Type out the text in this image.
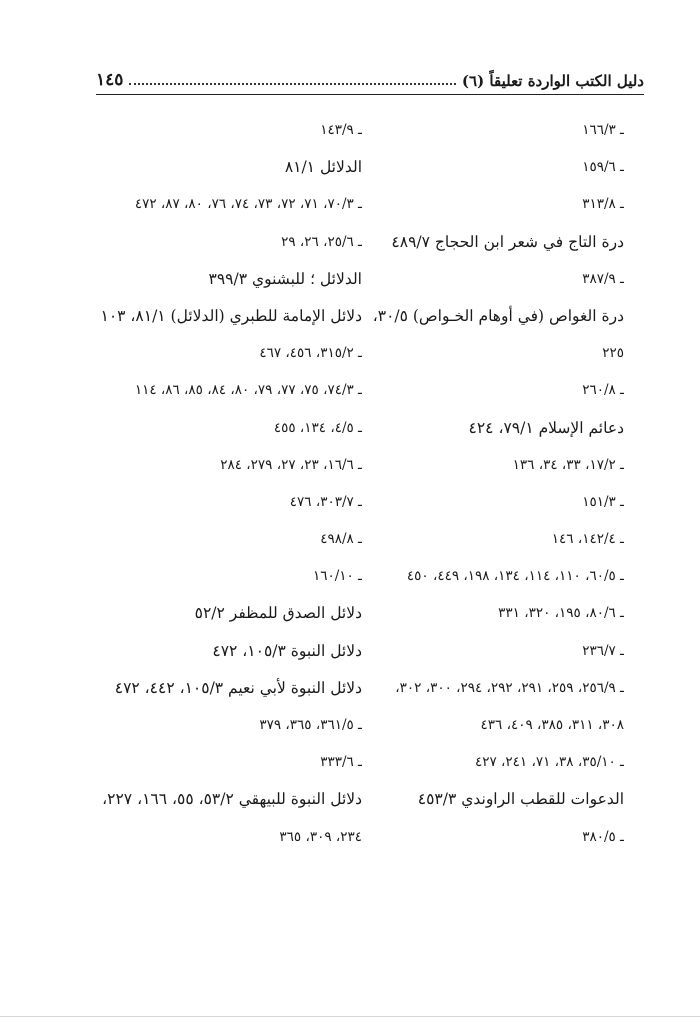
دليل الكتب الواردة تعليقاً (٦)
١٤٥
ـ ١٦٦/٣
ـ ١٥٩/٦
ـ ٣١٣/٨
درة التاج في شعر ابن الحجاج ٤٨٩/٧
ـ ٣٨٧/٩
درة الغواص (في أوهام الخـواص) ٣٠/٥،
٢٢٥
ـ ٢٦٠/٨
دعائم الإسلام ٧٩/١، ٤٢٤
ـ ١٧/٢، ٣٣، ٣٤، ١٣٦
ـ ١٥١/٣
ـ ١٤٢/٤، ١٤٦
ـ ٦٠/٥، ١١٠، ١١٤، ١٣٤، ١٩٨، ٤٤٩، ٤٥٠
ـ ٨٠/٦، ١٩٥، ٣٢٠، ٣٣١
ـ ٢٣٦/٧
ـ ٢٥٦/٩، ٢٥٩، ٢٩١، ٢٩٢، ٢٩٤، ٣٠٠، ٣٠٢،
٣٠٨، ٣١١، ٣٨٥، ٤٠٩، ٤٣٦
ـ ٣٥/١٠، ٣٨، ٧١، ٢٤١، ٤٢٧
الدعوات للقطب الراوندي ٤٥٣/٣
ـ ٣٨٠/٥
ـ ١٤٣/٩
الدلائل ٨١/١
ـ ٧٠/٣، ٧١، ٧٢، ٧٣، ٧٤، ٧٦، ٨٠، ٨٧، ٤٧٢
ـ ٢٥/٦، ٢٦، ٢٩
الدلائل ؛ للبشنوي ٣٩٩/٣
دلائل الإمامة للطبري (الدلائل) ٨١/١، ١٠٣
ـ ٣١٥/٢، ٤٥٦، ٤٦٧
ـ ٧٤/٣، ٧٥، ٧٧، ٧٩، ٨٠، ٨٤، ٨٥، ٨٦، ١١٤
ـ ٤/٥، ١٣٤، ٤٥٥
ـ ١٦/٦، ٢٣، ٢٧، ٢٧٩، ٢٨٤
ـ ٣٠٣/٧، ٤٧٦
ـ ٤٩٨/٨
ـ ١٦٠/١٠
دلائل الصدق للمظفر ٥٢/٢
دلائل النبوة ١٠٥/٣، ٤٧٢
دلائل النبوة لأبي نعيم ١٠٥/٣، ٤٤٢، ٤٧٢
ـ ٣٦١/٥، ٣٦٥، ٣٧٩
ـ ٣٣٣/٦
دلائل النبوة للبيهقي ٥٣/٢، ٥٥، ١٦٦، ٢٢٧،
٢٣٤، ٣٠٩، ٣٦٥
